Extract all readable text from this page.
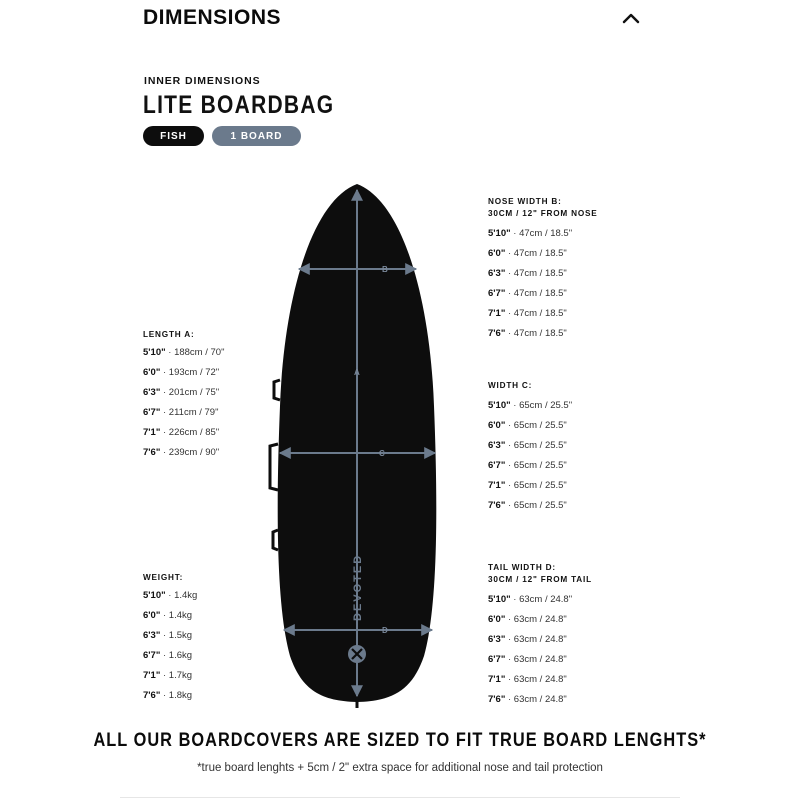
DIMENSIONS
INNER DIMENSIONS
LITE BOARDBAG
FISH	1 BOARD
LENGTH A:
5'10" · 188cm / 70"
6'0" · 193cm / 72"
6'3" · 201cm / 75"
6'7" · 211cm / 79"
7'1" · 226cm / 85"
7'6" · 239cm / 90"
WEIGHT:
5'10" · 1.4kg
6'0" · 1.4kg
6'3" · 1.5kg
6'7" · 1.6kg
7'1" · 1.7kg
7'6" · 1.8kg
NOSE WIDTH B:
30CM / 12" FROM NOSE
5'10" · 47cm / 18.5"
6'0" · 47cm / 18.5"
6'3" · 47cm / 18.5"
6'7" · 47cm / 18.5"
7'1" · 47cm / 18.5"
7'6" · 47cm / 18.5"
WIDTH C:
5'10" · 65cm / 25.5"
6'0" · 65cm / 25.5"
6'3" · 65cm / 25.5"
6'7" · 65cm / 25.5"
7'1" · 65cm / 25.5"
7'6" · 65cm / 25.5"
TAIL WIDTH D:
30CM / 12" FROM TAIL
5'10" · 63cm / 24.8"
6'0" · 63cm / 24.8"
6'3" · 63cm / 24.8"
6'7" · 63cm / 24.8"
7'1" · 63cm / 24.8"
7'6" · 63cm / 24.8"
B
A
C
D
DEVOTED
ALL OUR BOARDCOVERS ARE SIZED TO FIT TRUE BOARD LENGHTS*
*true board lenghts + 5cm / 2" extra space for additional nose and tail protection
